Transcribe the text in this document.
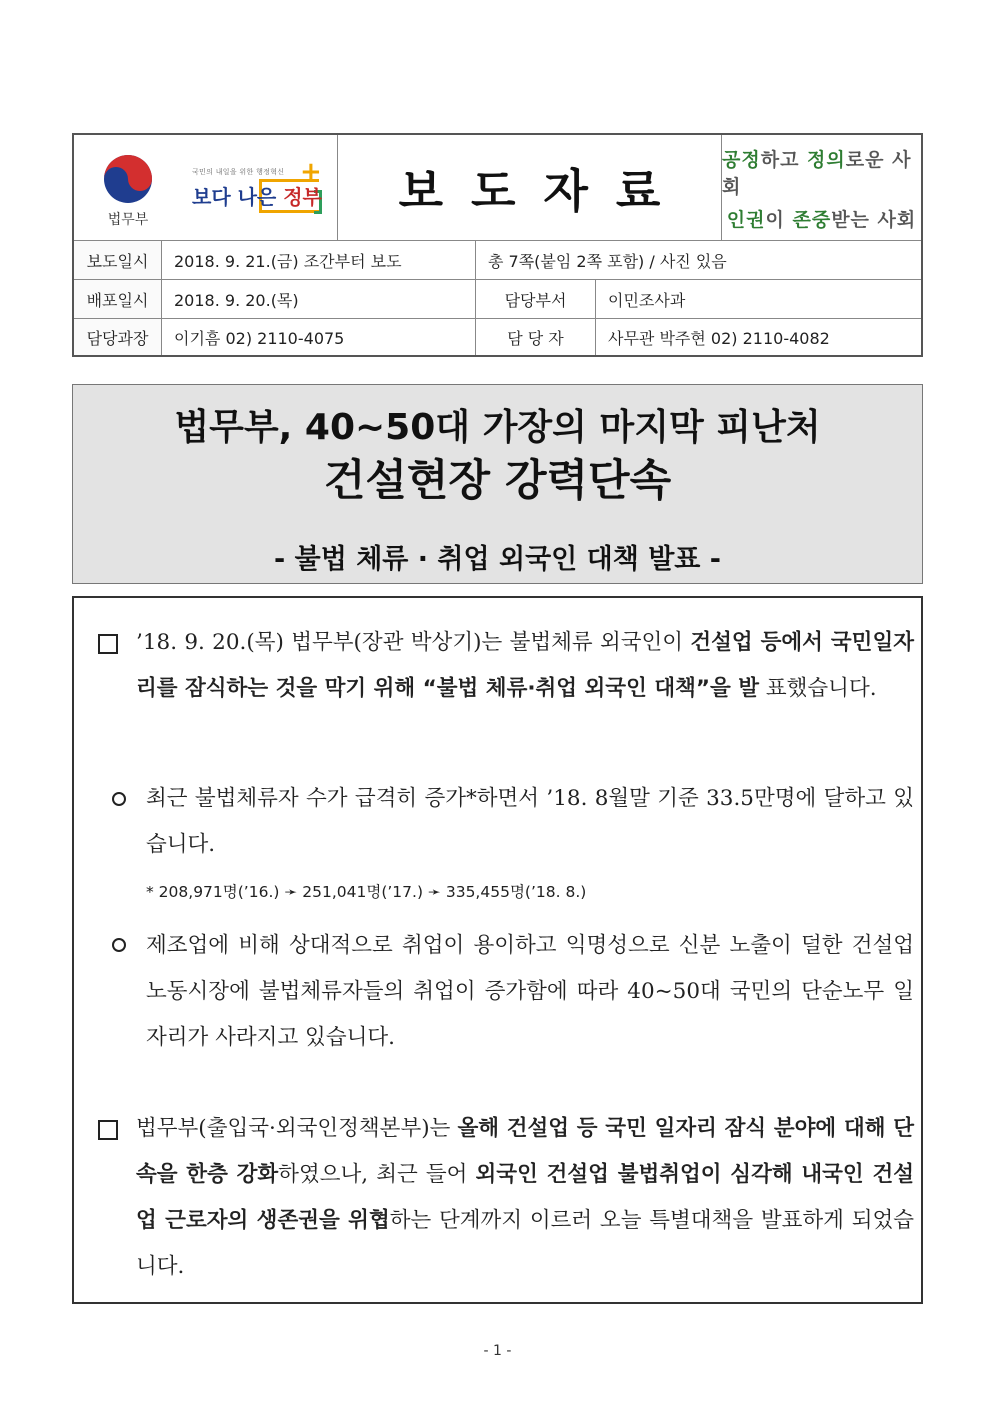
법무부
국민의 내일을 위한 행정혁신 +
보다 나은 정부 보도자료
공정하고 정의로운 사회
인권이 존중받는 사회
보도일시	2018. 9. 21.(금) 조간부터 보도	총 7쪽(붙임 2쪽 포함) / 사진 있음
배포일시	2018. 9. 20.(목)	담당부서	이민조사과
담당과장	이기흠 02) 2110-4075	담 당 자	사무관 박주현 02) 2110-4082
법무부, 40~50대 가장의 마지막 피난처
건설현장 강력단속
- 불법 체류 · 취업 외국인 대책 발표 -
’18. 9. 20.(목) 법무부(장관 박상기)는 불법체류 외국인이 건설업 등에서 국민일자리를 잠식하는 것을 막기 위해 “불법 체류·취업 외국인 대책”을 발 표했습니다.
최근 불법체류자 수가 급격히 증가*하면서 ’18. 8월말 기준 33.5만명에 달하고 있습니다.
* 208,971명(’16.) ➛ 251,041명(’17.) ➛ 335,455명(’18. 8.)
제조업에 비해 상대적으로 취업이 용이하고 익명성으로 신분 노출이 덜한 건설업 노동시장에 불법체류자들의 취업이 증가함에 따라 40~50대 국민의 단순노무 일자리가 사라지고 있습니다.
법무부(출입국·외국인정책본부)는 올해 건설업 등 국민 일자리 잠식 분야에 대해 단속을 한층 강화하였으나, 최근 들어 외국인 건설업 불법취업이 심각해 내국인 건설업 근로자의 생존권을 위협하는 단계까지 이르러 오늘 특별대책을 발표하게 되었습니다.
- 1 -
